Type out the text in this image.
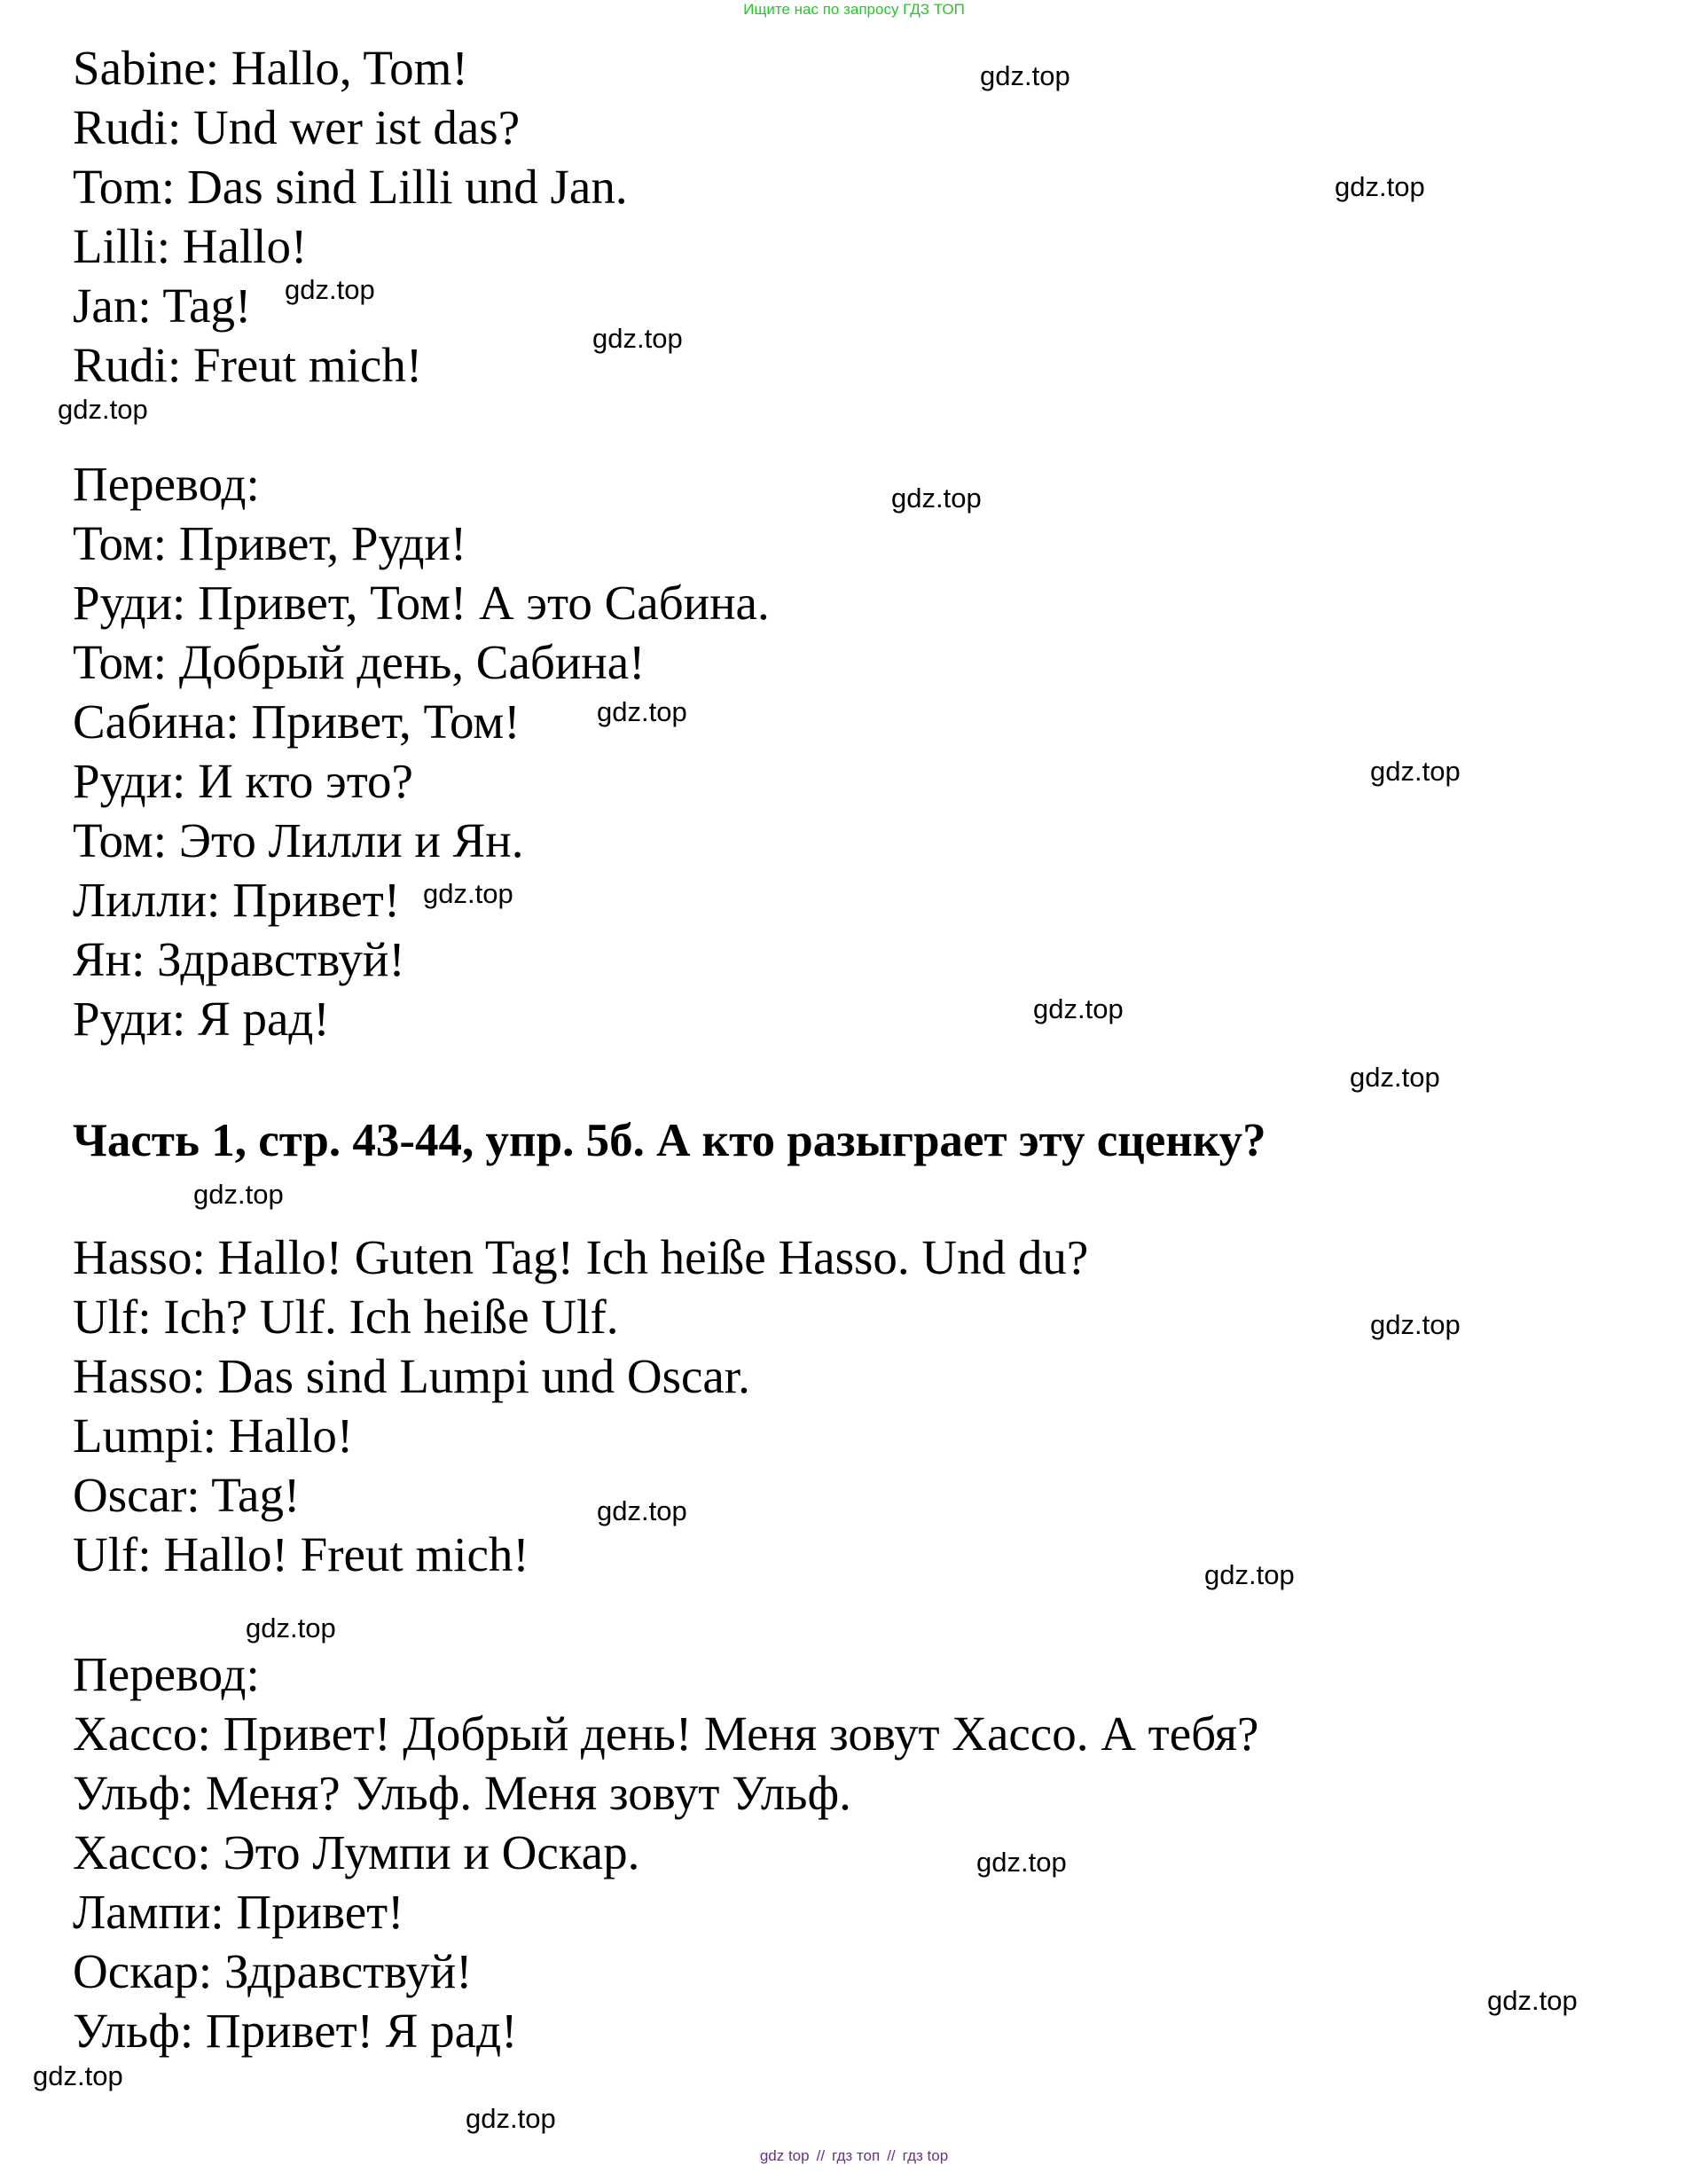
Ищите нас по запросу ГДЗ ТОП
Sabine: Hallo, Tom!
Rudi: Und wer ist das?
Tom: Das sind Lilli und Jan.
Lilli: Hallo!
Jan: Tag!
Rudi: Freut mich!
Перевод:
Том: Привет, Руди!
Руди: Привет, Том! А это Сабина.
Том: Добрый день, Сабина!
Сабина: Привет, Том!
Руди: И кто это?
Том: Это Лилли и Ян.
Лилли: Привет!
Ян: Здравствуй!
Руди: Я рад!
Часть 1, стр. 43-44, упр. 5б. А кто разыграет эту сценку?
Hasso: Hallo! Guten Tag! Ich heiße Hasso. Und du?
Ulf: Ich? Ulf. Ich heiße Ulf.
Hasso: Das sind Lumpi und Oscar.
Lumpi: Hallo!
Oscar: Tag!
Ulf: Hallo! Freut mich!
Перевод:
Хассо: Привет! Добрый день! Меня зовут Хассо. А тебя?
Ульф: Меня? Ульф. Меня зовут Ульф.
Хассо: Это Лумпи и Оскар.
Лампи: Привет!
Оскар: Здравствуй!
Ульф: Привет! Я рад!
gdz.top
gdz.top
gdz.top
gdz.top
gdz.top
gdz.top
gdz.top
gdz.top
gdz.top
gdz.top
gdz.top
gdz.top
gdz.top
gdz.top
gdz.top
gdz.top
gdz.top
gdz.top
gdz.top
gdz.top
gdz top // гдз топ // гдз top
